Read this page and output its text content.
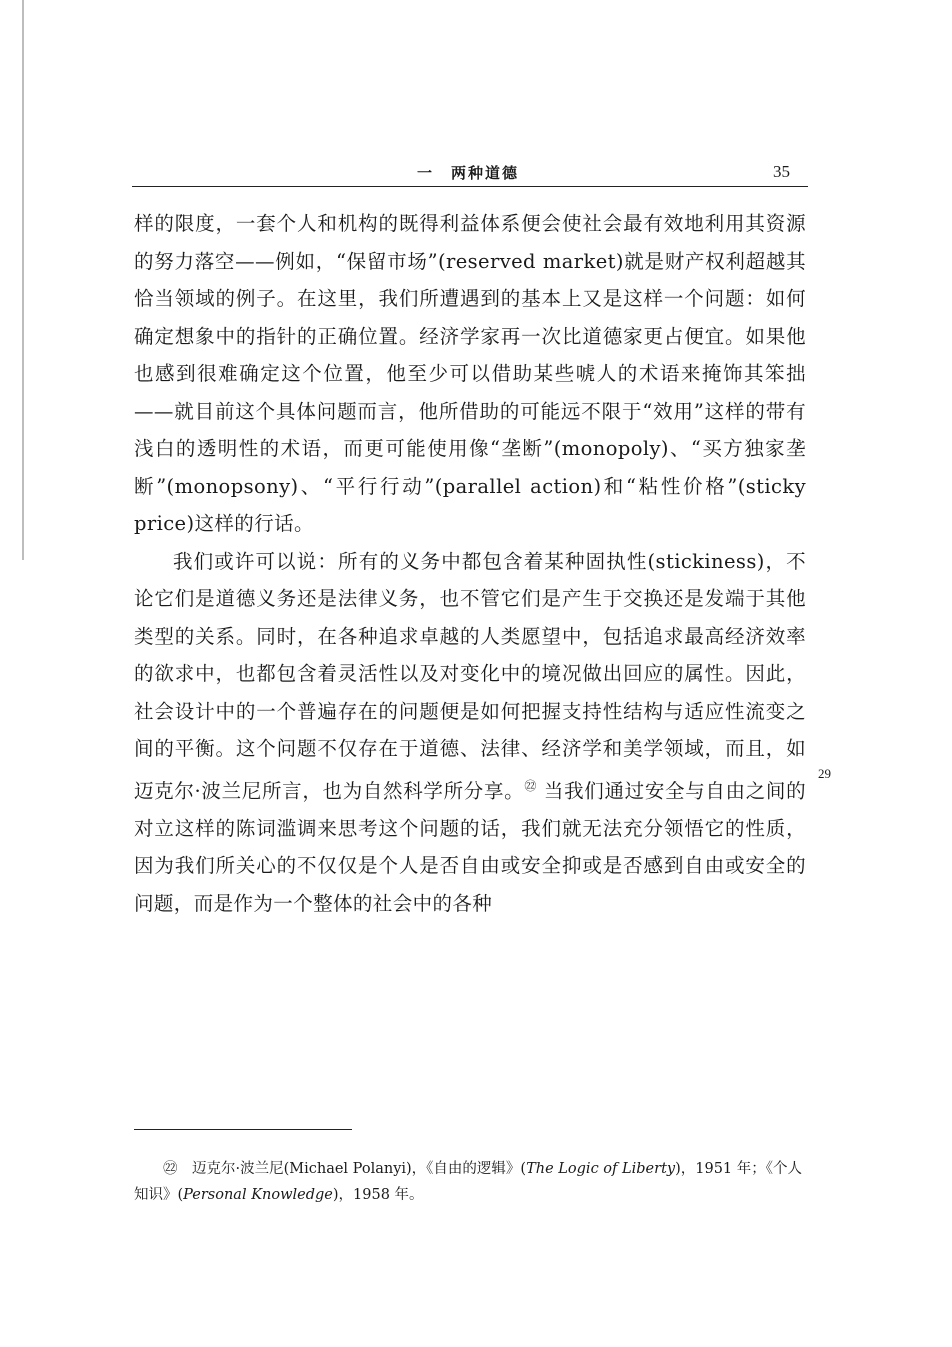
一　两种道德	35

样的限度，一套个人和机构的既得利益体系便会使社会最有效地利用其资源的努力落空——例如，“保留市场”(reserved market)就是财产权利超越其恰当领域的例子。在这里，我们所遭遇到的基本上又是这样一个问题：如何确定想象中的指针的正确位置。经济学家再一次比道德家更占便宜。如果他也感到很难确定这个位置，他至少可以借助某些唬人的术语来掩饰其笨拙——就目前这个具体问题而言，他所借助的可能远不限于“效用”这样的带有浅白的透明性的术语，而更可能使用像“垄断”(monopoly)、“买方独家垄断”(monopsony)、“平行行动”(parallel action)和“粘性价格”(sticky price)这样的行话。

我们或许可以说：所有的义务中都包含着某种固执性(stickiness)，不论它们是道德义务还是法律义务，也不管它们是产生于交换还是发端于其他类型的关系。同时，在各种追求卓越的人类愿望中，包括追求最高经济效率的欲求中，也都包含着灵活性以及对变化中的境况做出回应的属性。因此，社会设计中的一个普遍存在的问题便是如何把握支持性结构与适应性流变之间的平衡。这个问题不仅存在于道德、法律、经济学和美学领域，而且，如迈克尔·波兰尼所言，也为自然科学所分享。$^㉒$ 当我们通过安全与自由之间的对立这样的陈词滥调来思考这个问题的话，我们就无法充分领悟它的性质，因为我们所关心的不仅仅是个人是否自由或安全抑或是否感到自由或安全的问题，而是作为一个整体的社会中的各种

29
㉒　 迈克尔·波兰尼(Michael Polanyi)，《自由的逻辑》(The Logic of Liberty)，1951 年；《个人知识》(Personal Knowledge)，1958 年。
